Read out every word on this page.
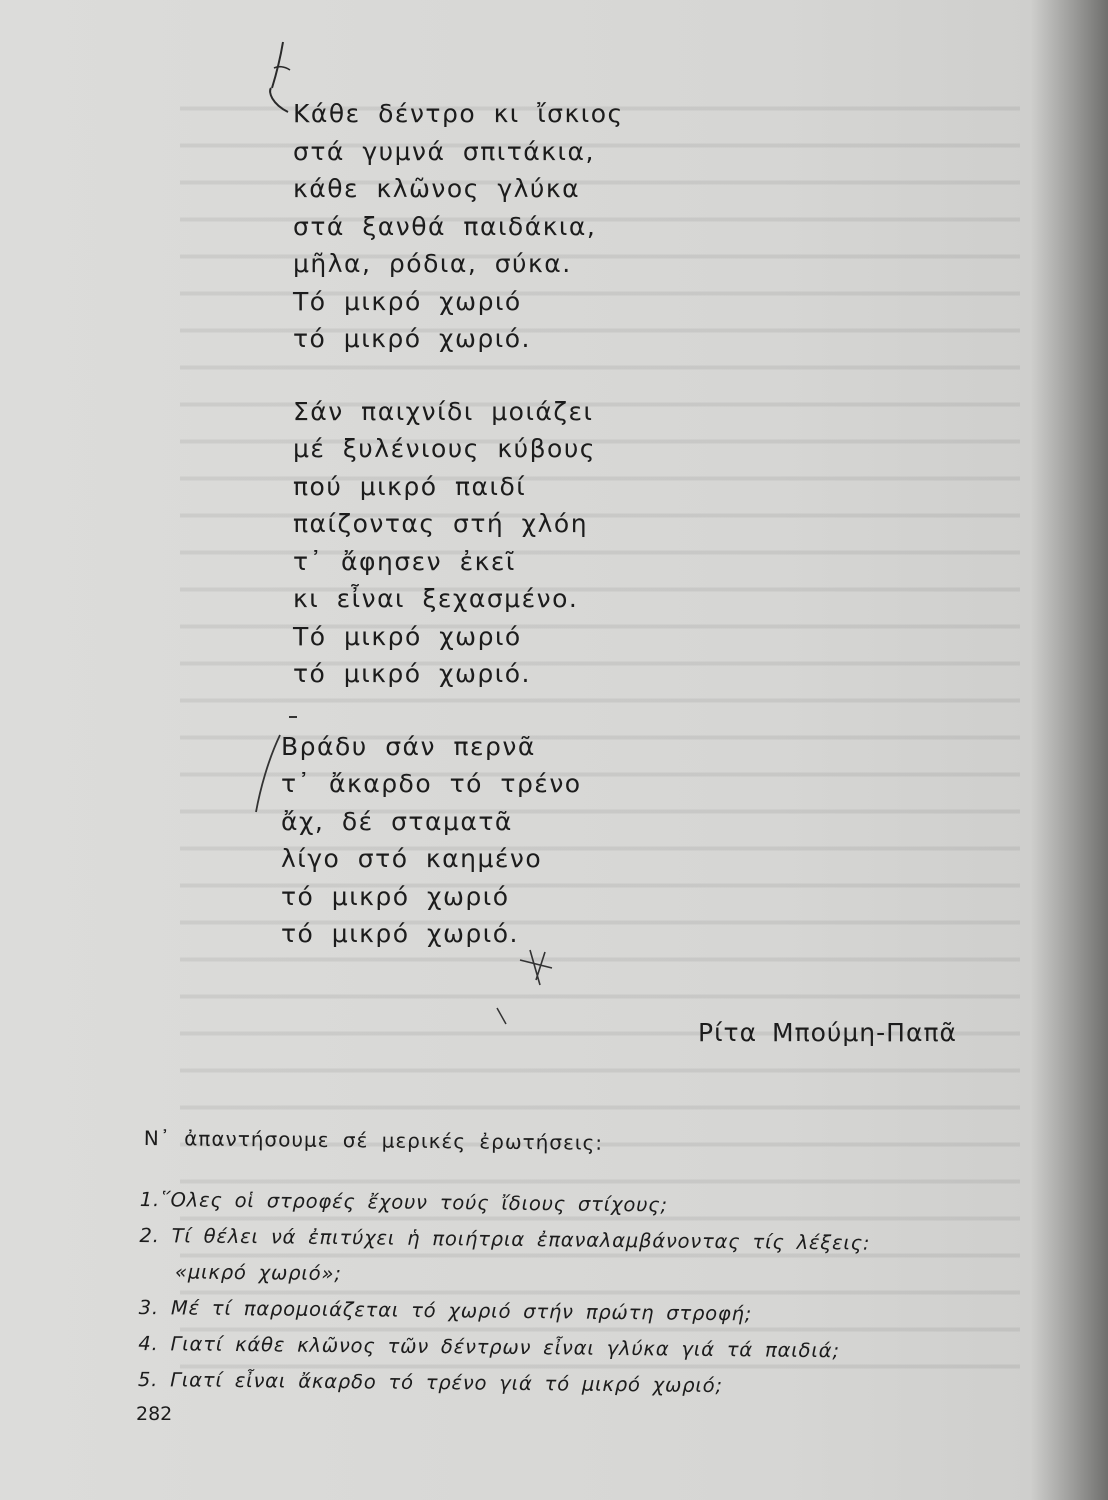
Κάθε δέντρο κι ἴσκιος
στά γυμνά σπιτάκια,
κάθε κλῶνος γλύκα
στά ξανθά παιδάκια,
μῆλα, ρόδια, σύκα.
Τό μικρό χωριό
τό μικρό χωριό.
Σάν παιχνίδι μοιάζει
μέ ξυλένιους κύβους
πού μικρό παιδί
παίζοντας στή χλόη
τ᾽ ἄφησεν ἐκεῖ
κι εἶναι ξεχασμένο.
Τό μικρό χωριό
τό μικρό χωριό.
Βράδυ σάν περνᾶ
τ᾽ ἄκαρδο τό τρένο
ἄχ, δέ σταματᾶ
λίγο στό καημένο
τό μικρό χωριό
τό μικρό χωριό.
Ρίτα Μπούμη-Παπᾶ
Ν᾽ ἀπαντήσουμε σέ μερικές ἐρωτήσεις:
1.῞Ολες οἱ στροφές ἔχουν τούς ἴδιους στίχους;
2. Τί θέλει νά ἐπιτύχει ἡ ποιήτρια ἐπαναλαμβάνοντας τίς λέξεις:
«μικρό χωριό»;
3. Μέ τί παρομοιάζεται τό χωριό στήν πρώτη στροφή;
4. Γιατί κάθε κλῶνος τῶν δέντρων εἶναι γλύκα γιά τά παιδιά;
5. Γιατί εἶναι ἄκαρδο τό τρένο γιά τό μικρό χωριό;
282
